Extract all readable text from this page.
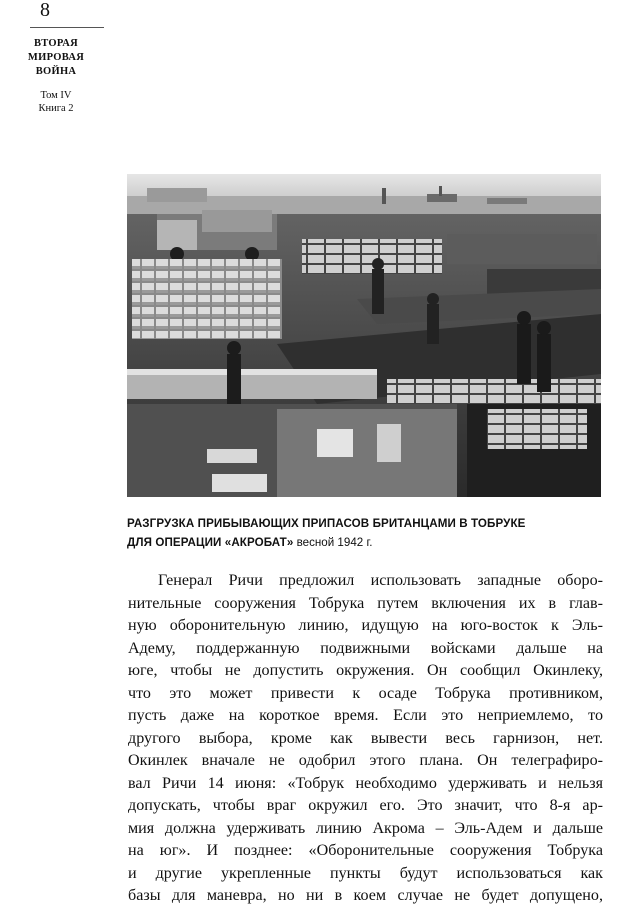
8
ВТОРАЯ
МИРОВАЯ
ВОЙНА
Том IV
Книга 2
РАЗГРУЗКА ПРИБЫВАЮЩИХ ПРИПАСОВ БРИТАНЦАМИ В ТОБРУКЕ
ДЛЯ ОПЕРАЦИИ «АКРОБАТ» весной 1942 г.
Генерал Ричи предложил использовать западные оборо-
нительные сооружения Тобрука путем включения их в глав-
ную оборонительную линию, идущую на юго-восток к Эль-
Адему, поддержанную подвижными войсками дальше на
юге, чтобы не допустить окружения. Он сообщил Окинлеку,
что это может привести к осаде Тобрука противником,
пусть даже на короткое время. Если это неприемлемо, то
другого выбора, кроме как вывести весь гарнизон, нет.
Окинлек вначале не одобрил этого плана. Он телеграфиро-
вал Ричи 14 июня: «Тобрук необходимо удерживать и нельзя
допускать, чтобы враг окружил его. Это значит, что 8-я ар-
мия должна удерживать линию Акрома – Эль-Адем и дальше
на юг». И позднее: «Оборонительные сооружения Тобрука
и другие укрепленные пункты будут использоваться как
базы для маневра, но ни в коем случае не будет допущено,
